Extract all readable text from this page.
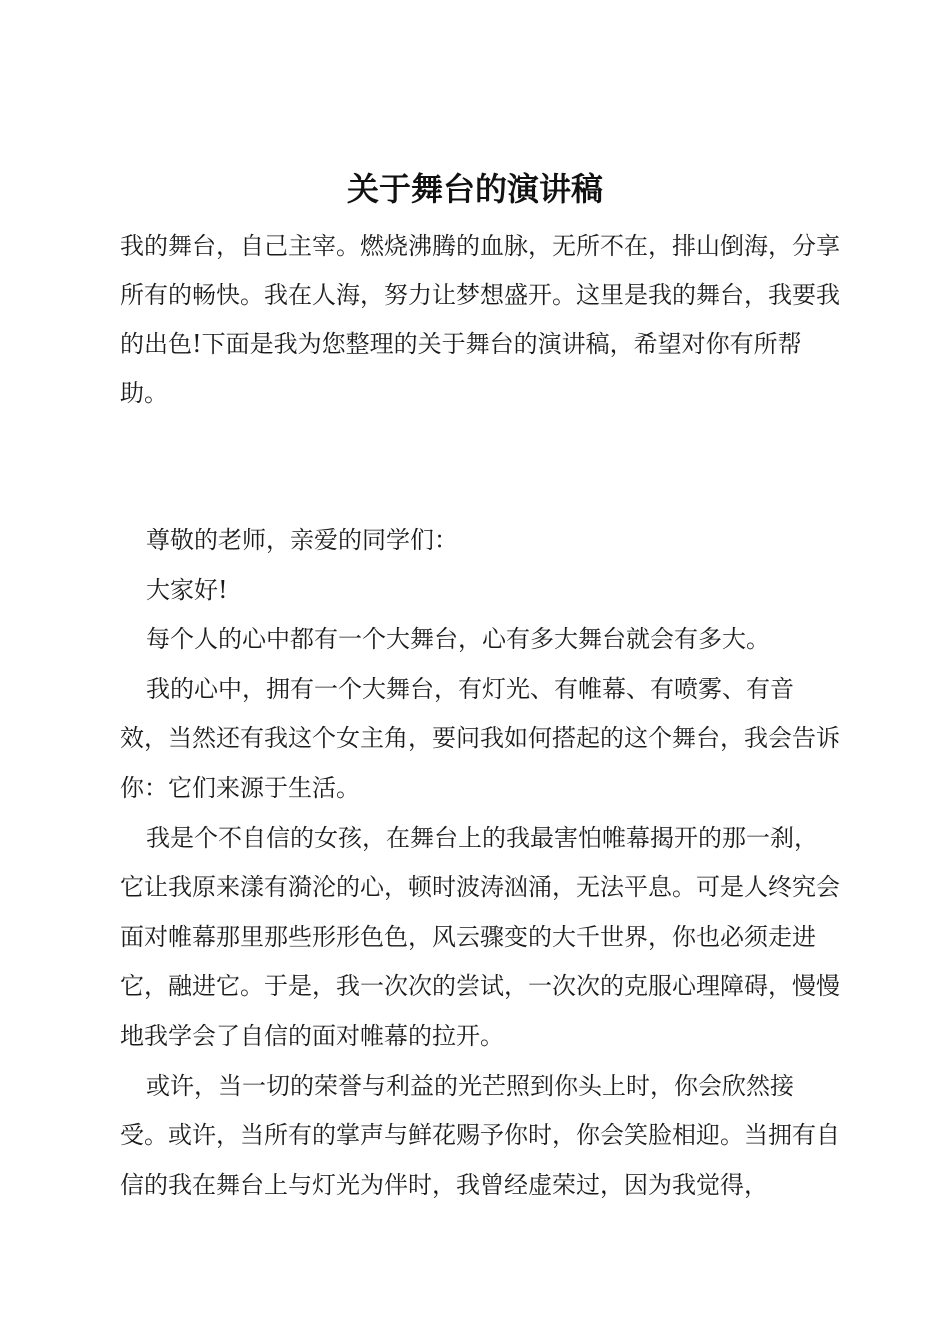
关于舞台的演讲稿

我的舞台，自己主宰。燃烧沸腾的血脉，无所不在，排山倒海，分享所有的畅快。我在人海，努力让梦想盛开。这里是我的舞台，我要我的出色!下面是我为您整理的关于舞台的演讲稿，希望对你有所帮助。

尊敬的老师，亲爱的同学们：

大家好!

每个人的心中都有一个大舞台，心有多大舞台就会有多大。

我的心中，拥有一个大舞台，有灯光、有帷幕、有喷雾、有音效，当然还有我这个女主角，要问我如何搭起的这个舞台，我会告诉你：它们来源于生活。

我是个不自信的女孩，在舞台上的我最害怕帷幕揭开的那一刹，它让我原来漾有漪沦的心，顿时波涛汹涌，无法平息。可是人终究会面对帷幕那里那些形形色色，风云骤变的大千世界，你也必须走进它，融进它。于是，我一次次的尝试，一次次的克服心理障碍，慢慢地我学会了自信的面对帷幕的拉开。

或许，当一切的荣誉与利益的光芒照到你头上时，你会欣然接受。或许，当所有的掌声与鲜花赐予你时，你会笑脸相迎。当拥有自信的我在舞台上与灯光为伴时，我曾经虚荣过，因为我觉得，
